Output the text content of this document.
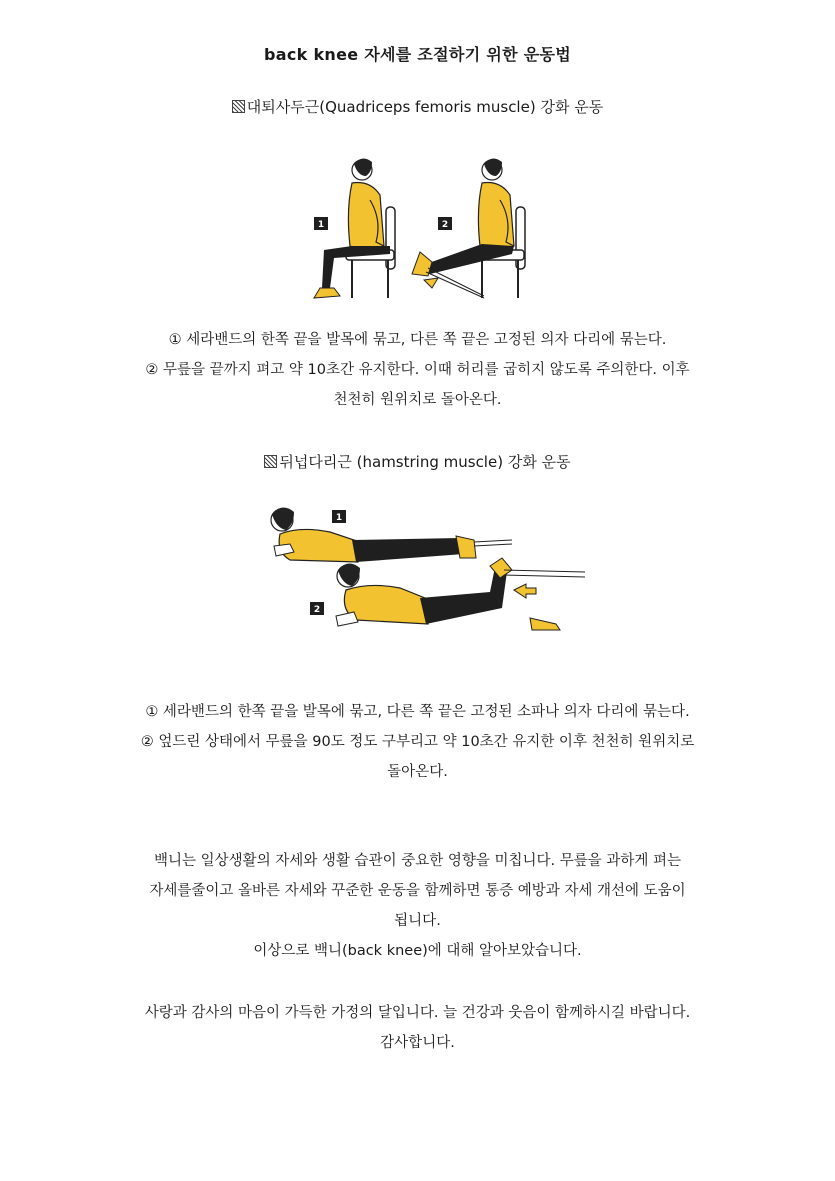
back knee 자세를 조절하기 위한 운동법
대퇴사두근(Quadriceps femoris muscle) 강화 운동
1	2
① 세라밴드의 한쪽 끝을 발목에 묶고, 다른 쪽 끝은 고정된 의자 다리에 묶는다.
② 무릎을 끝까지 펴고 약 10초간 유지한다. 이때 허리를 굽히지 않도록 주의한다. 이후
천천히 원위치로 돌아온다.
뒤넙다리근 (hamstring muscle) 강화 운동
1
2
① 세라밴드의 한쪽 끝을 발목에 묶고, 다른 쪽 끝은 고정된 소파나 의자 다리에 묶는다.
② 엎드린 상태에서 무릎을 90도 정도 구부리고 약 10초간 유지한 이후 천천히 원위치로
돌아온다.
백니는 일상생활의 자세와 생활 습관이 중요한 영향을 미칩니다. 무릎을 과하게 펴는
자세를줄이고 올바른 자세와 꾸준한 운동을 함께하면 통증 예방과 자세 개선에 도움이
됩니다.
이상으로 백니(back knee)에 대해 알아보았습니다.
사랑과 감사의 마음이 가득한 가정의 달입니다. 늘 건강과 웃음이 함께하시길 바랍니다.
감사합니다.
